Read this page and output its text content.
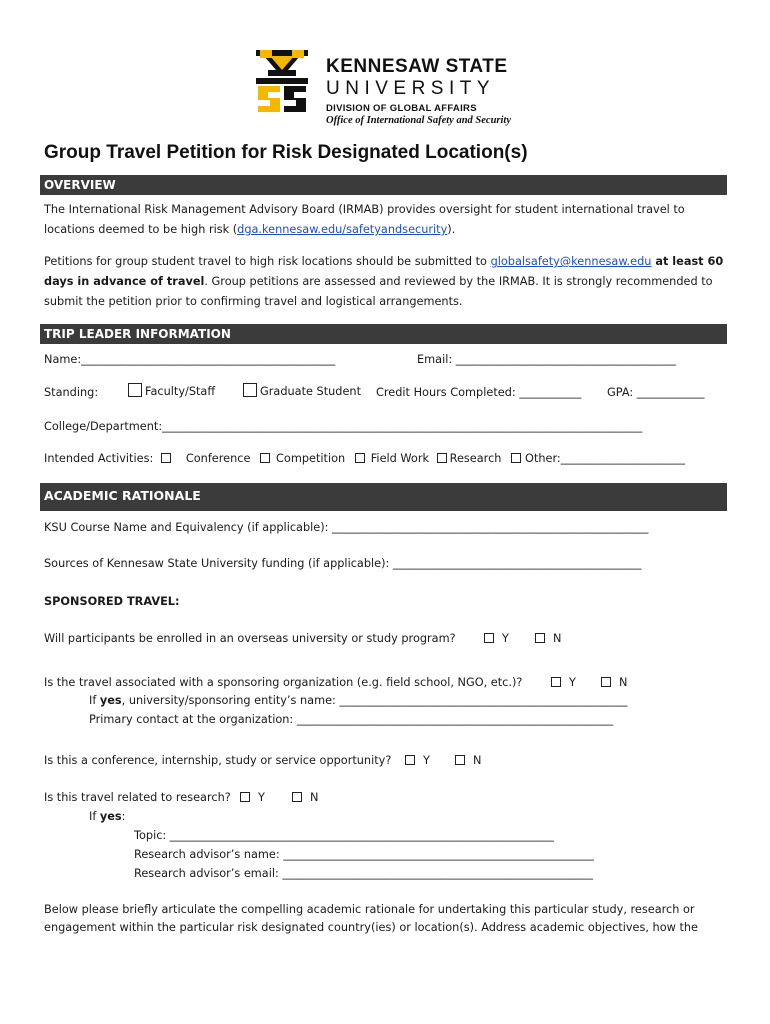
KENNESAW STATE
UNIVERSITY
DIVISION OF GLOBAL AFFAIRS
Office of International Safety and Security
Group Travel Petition for Risk Designated Location(s)
OVERVIEW
The International Risk Management Advisory Board (IRMAB) provides oversight for student international travel to
locations deemed to be high risk (dga.kennesaw.edu/safetyandsecurity).
Petitions for group student travel to high risk locations should be submitted to globalsafety@kennesaw.edu at least 60
days in advance of travel. Group petitions are assessed and reviewed by the IRMAB. It is strongly recommended to
submit the petition prior to confirming travel and logistical arrangements.
TRIP LEADER INFORMATION
Name:_____________________________________________	Email: _______________________________________
Standing:	Faculty/Staff	Graduate Student Credit Hours Completed: ___________ GPA: ____________
College/Department:_____________________________________________________________________________________
Intended Activities:	Conference Competition Field Work Research Other:______________________
ACADEMIC RATIONALE
KSU Course Name and Equivalency (if applicable): ________________________________________________________
Sources of Kennesaw State University funding (if applicable): ____________________________________________
SPONSORED TRAVEL:
Will participants be enrolled in an overseas university or study program?	Y	N
Is the travel associated with a sponsoring organization (e.g. field school, NGO, etc.)?	Y	N
If yes, university/sponsoring entity’s name: ___________________________________________________
Primary contact at the organization: ________________________________________________________
Is this a conference, internship, study or service opportunity?	Y	N
Is this travel related to research?	Y	N
If yes:
Topic: ____________________________________________________________________
Research advisor’s name: _______________________________________________________
Research advisor’s email: _______________________________________________________
Below please briefly articulate the compelling academic rationale for undertaking this particular study, research or
engagement within the particular risk designated country(ies) or location(s). Address academic objectives, how the
